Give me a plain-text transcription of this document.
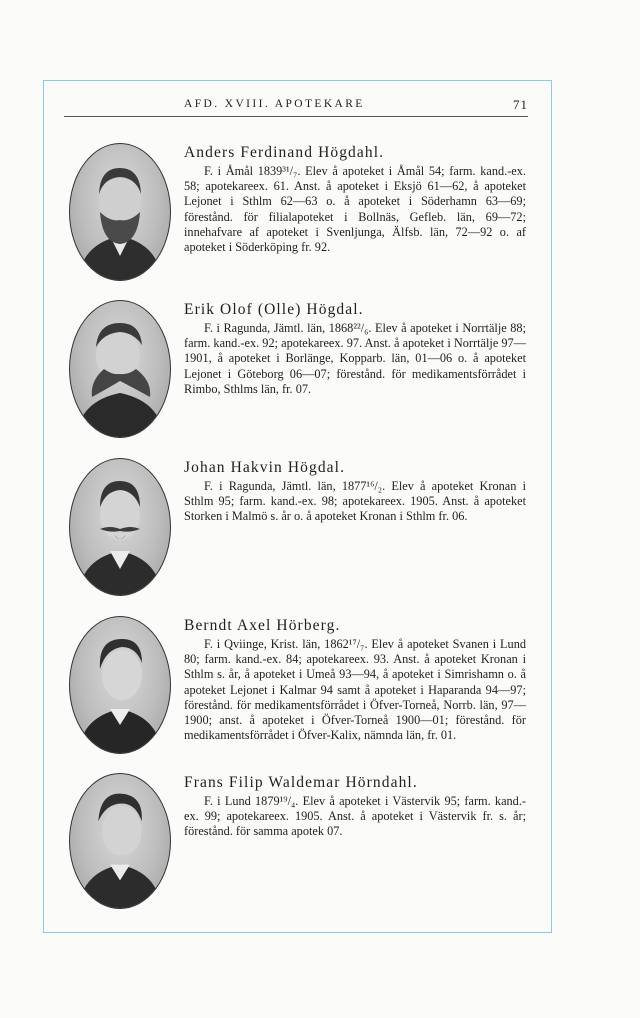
AFD. XVIII. APOTEKARE	71

Anders Ferdinand Högdahl.

F. i Åmål 1839³¹/₇. Elev å apoteket i Åmål 54; farm. kand.-ex. 58; apotekareex. 61. Anst. å apoteket i Eksjö 61—62, å apoteket Lejonet i Sthlm 62—63 o. å apoteket i Söderhamn 63—69; förestånd. för filialapoteket i Bollnäs, Gefleb. län, 69—72; innehafvare af apoteket i Svenljunga, Älfsb. län, 72—92 o. af apoteket i Söderköping fr. 92.

Erik Olof (Olle) Högdal.

F. i Ragunda, Jämtl. län, 1868²²/₆. Elev å apoteket i Norrtälje 88; farm. kand.-ex. 92; apotekareex. 97. Anst. å apoteket i Norrtälje 97—1901, å apoteket i Borlänge, Kopparb. län, 01—06 o. å apoteket Lejonet i Göteborg 06—07; förestånd. för medikamentsförrådet i Rimbo, Sthlms län, fr. 07.

Johan Hakvin Högdal.

F. i Ragunda, Jämtl. län, 1877¹⁶/₂. Elev å apoteket Kronan i Sthlm 95; farm. kand.-ex. 98; apotekareex. 1905. Anst. å apoteket Storken i Malmö s. år o. å apoteket Kronan i Sthlm fr. 06.

Berndt Axel Hörberg.

F. i Qviinge, Krist. län, 1862¹⁷/₇. Elev å apoteket Svanen i Lund 80; farm. kand.-ex. 84; apotekareex. 93. Anst. å apoteket Kronan i Sthlm s. år, å apoteket i Umeå 93—94, å apoteket i Simrishamn o. å apoteket Lejonet i Kalmar 94 samt å apoteket i Haparanda 94—97; förestånd. för medikamentsförrådet i Öfver-Torneå, Norrb. län, 97—1900; anst. å apoteket i Öfver-Torneå 1900—01; förestånd. för medikamentsförrådet i Öfver-Kalix, nämnda län, fr. 01.

Frans Filip Waldemar Hörndahl.

F. i Lund 1879¹⁹/₄. Elev å apoteket i Västervik 95; farm. kand.-ex. 99; apotekareex. 1905. Anst. å apoteket i Västervik fr. s. år; förestånd. för samma apotek 07.
